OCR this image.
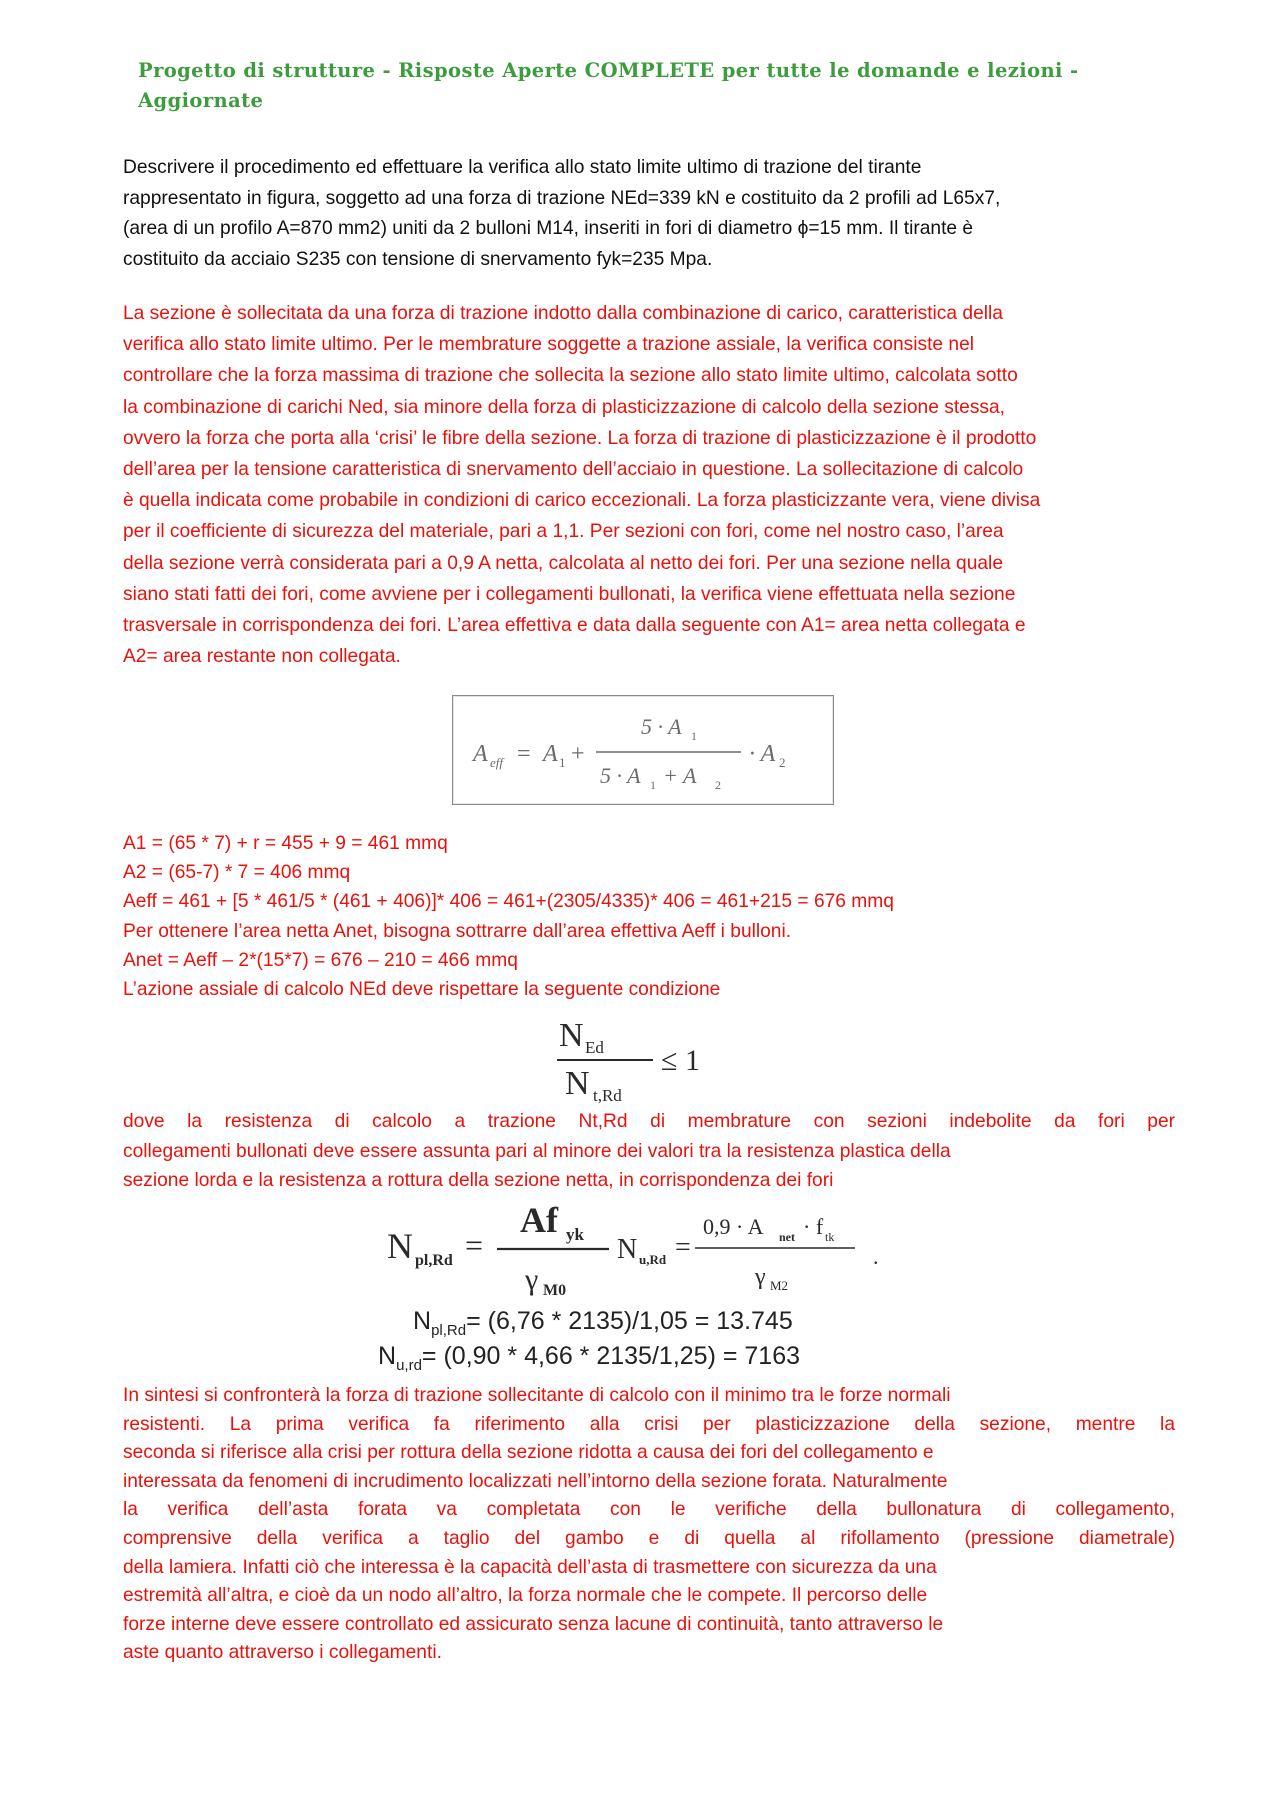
Progetto di strutture - Risposte Aperte COMPLETE per tutte le domande e lezioni -
Aggiornate
Descrivere il procedimento ed effettuare la verifica allo stato limite ultimo di trazione del tirante
rappresentato in figura, soggetto ad una forza di trazione NEd=339 kN e costituito da 2 profili ad L65x7,
(area di un profilo A=870 mm2) uniti da 2 bulloni M14, inseriti in fori di diametro ϕ=15 mm. Il tirante è
costituito da acciaio S235 con tensione di snervamento fyk=235 Mpa.
La sezione è sollecitata da una forza di trazione indotto dalla combinazione di carico, caratteristica della
verifica allo stato limite ultimo. Per le membrature soggette a trazione assiale, la verifica consiste nel
controllare che la forza massima di trazione che sollecita la sezione allo stato limite ultimo, calcolata sotto
la combinazione di carichi Ned, sia minore della forza di plasticizzazione di calcolo della sezione stessa,
ovvero la forza che porta alla ‘crisi’ le fibre della sezione. La forza di trazione di plasticizzazione è il prodotto
dell’area per la tensione caratteristica di snervamento dell’acciaio in questione. La sollecitazione di calcolo
è quella indicata come probabile in condizioni di carico eccezionali. La forza plasticizzante vera, viene divisa
per il coefficiente di sicurezza del materiale, pari a 1,1. Per sezioni con fori, come nel nostro caso, l’area
della sezione verrà considerata pari a 0,9 A netta, calcolata al netto dei fori. Per una sezione nella quale
siano stati fatti dei fori, come avviene per i collegamenti bullonati, la verifica viene effettuata nella sezione
trasversale in corrispondenza dei fori. L’area effettiva e data dalla seguente con A1= area netta collegata e
A2= area restante non collegata.
A eff = A 1 +
5 · A 1
5 · A 1 + A 2
· A 2
A1 = (65 * 7) + r = 455 + 9 = 461 mmq
A2 = (65-7) * 7 = 406 mmq
Aeff = 461 + [5 * 461/5 * (461 + 406)]* 406 = 461+(2305/4335)* 406 = 461+215 = 676 mmq
Per ottenere l’area netta Anet, bisogna sottrarre dall’area effettiva Aeff i bulloni.
Anet = Aeff – 2*(15*7) = 676 – 210 = 466 mmq
L’azione assiale di calcolo NEd deve rispettare la seguente condizione
N Ed
N t,Rd
≤ 1
dove la resistenza di calcolo a trazione Nt,Rd di membrature con sezioni indebolite da fori per
collegamenti bullonati deve essere assunta pari al minore dei valori tra la resistenza plastica della
sezione lorda e la resistenza a rottura della sezione netta, in corrispondenza dei fori
N pl,Rd =
Af yk
γ M0
N u,Rd =
0,9 · A net · f tk
γ M2
.
$N_{pl,Rd}= (6,76 * 2135)/1,05 = 13.745$
$N_{u,rd}= (0,90 * 4,66 * 2135/1,25) = 7163$
In sintesi si confronterà la forza di trazione sollecitante di calcolo con il minimo tra le forze normali
resistenti. La prima verifica fa riferimento alla crisi per plasticizzazione della sezione, mentre la
seconda si riferisce alla crisi per rottura della sezione ridotta a causa dei fori del collegamento e
interessata da fenomeni di incrudimento localizzati nell’intorno della sezione forata. Naturalmente
la verifica dell’asta forata va completata con le verifiche della bullonatura di collegamento,
comprensive della verifica a taglio del gambo e di quella al rifollamento (pressione diametrale)
della lamiera. Infatti ciò che interessa è la capacità dell’asta di trasmettere con sicurezza da una
estremità all’altra, e cioè da un nodo all’altro, la forza normale che le compete. Il percorso delle
forze interne deve essere controllato ed assicurato senza lacune di continuità, tanto attraverso le
aste quanto attraverso i collegamenti.
